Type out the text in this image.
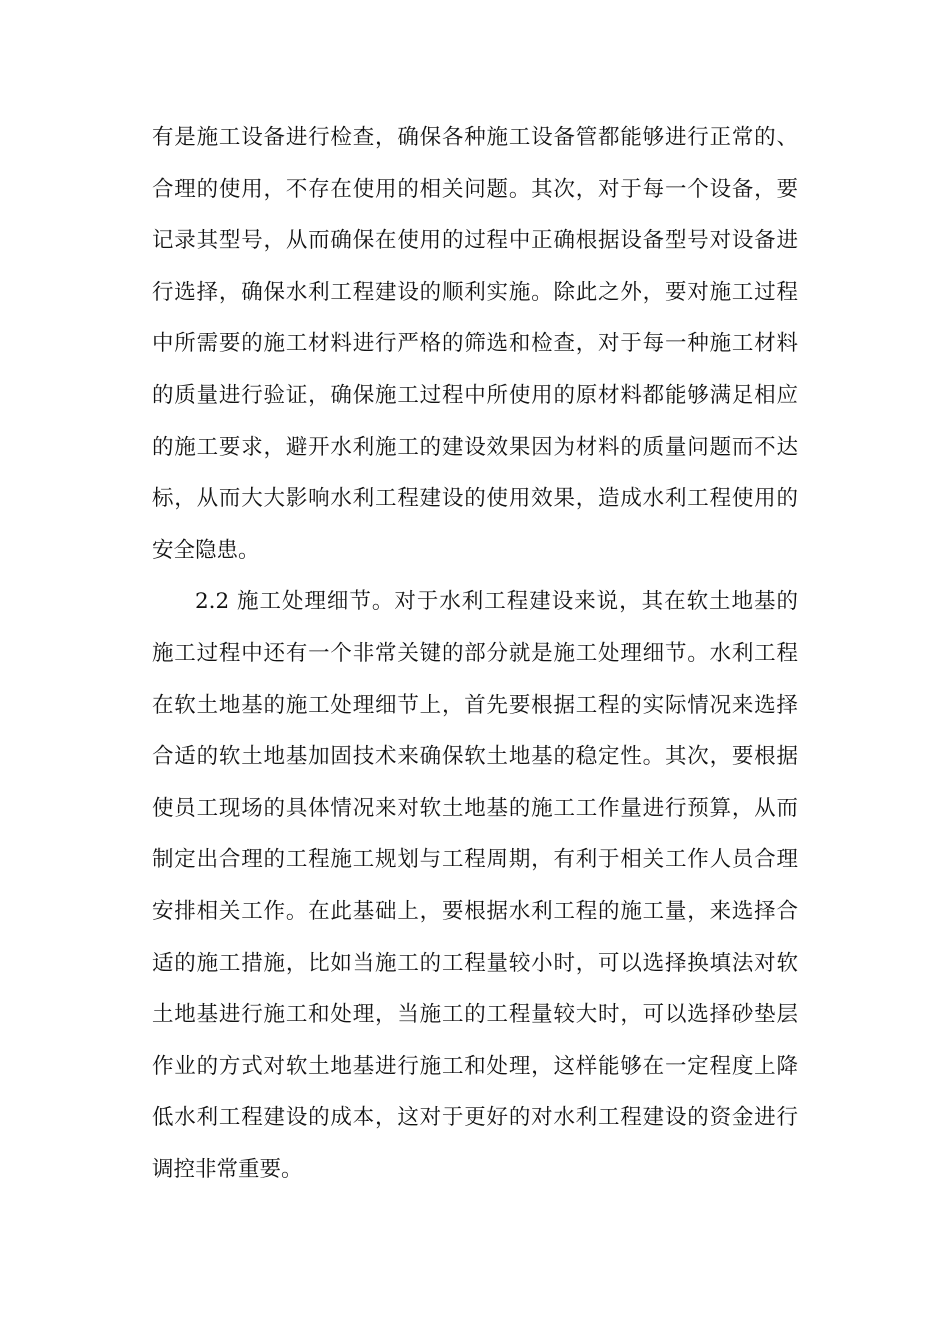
有是施工设备进行检查，确保各种施工设备管都能够进行正常的、
合理的使用，不存在使用的相关问题。其次，对于每一个设备，要
记录其型号，从而确保在使用的过程中正确根据设备型号对设备进
行选择，确保水利工程建设的顺利实施。除此之外，要对施工过程
中所需要的施工材料进行严格的筛选和检查，对于每一种施工材料
的质量进行验证，确保施工过程中所使用的原材料都能够满足相应
的施工要求，避开水利施工的建设效果因为材料的质量问题而不达
标，从而大大影响水利工程建设的使用效果，造成水利工程使用的
安全隐患。
2.2 施工处理细节。对于水利工程建设来说，其在软土地基的
施工过程中还有一个非常关键的部分就是施工处理细节。水利工程
在软土地基的施工处理细节上，首先要根据工程的实际情况来选择
合适的软土地基加固技术来确保软土地基的稳定性。其次，要根据
使员工现场的具体情况来对软土地基的施工工作量进行预算，从而
制定出合理的工程施工规划与工程周期，有利于相关工作人员合理
安排相关工作。在此基础上，要根据水利工程的施工量，来选择合
适的施工措施，比如当施工的工程量较小时，可以选择换填法对软
土地基进行施工和处理，当施工的工程量较大时，可以选择砂垫层
作业的方式对软土地基进行施工和处理，这样能够在一定程度上降
低水利工程建设的成本，这对于更好的对水利工程建设的资金进行
调控非常重要。
